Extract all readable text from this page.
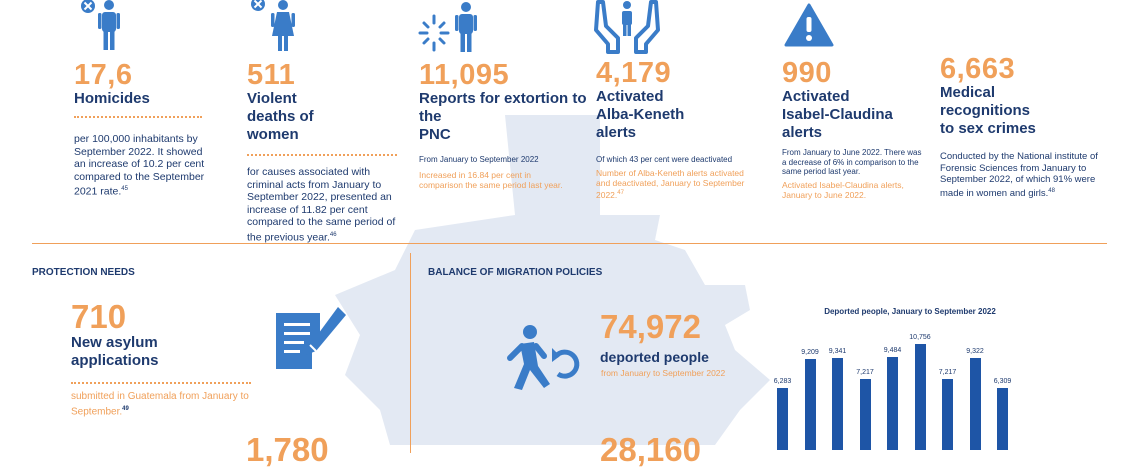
17,6
Homicides
per 100,000 inhabitants by September 2022. It showed an increase of 10.2 per cent compared to the September 2021 rate.$^{45}$
511
Violent
deaths of
women
for causes associated with criminal acts from January to September 2022, presented an increase of 11.82 per cent compared to the same period of the previous year.$^{46}$
11,095
Reports for extortion to
the
PNC
From January to September 2022
Increased in 16.84 per cent in comparison the same period last year.
4,179
Activated
Alba-Keneth
alerts
Of which 43 per cent were deactivated
Number of Alba-Keneth alerts activated and deactivated, January to September 2022.47
990
Activated
Isabel-Claudina
alerts
From January to June 2022. There was a decrease of 6% in comparison to the same period last year.
Activated Isabel-Claudina alerts, January to June 2022.
6,663
Medical
recognitions
to sex crimes
Conducted by the National institute of Forensic Sciences from January to September 2022, of which 91% were made in women and girls.$^{48}$
PROTECTION NEEDS
710
New asylum
applications
submitted in Guatemala from January to September.$^{49}$
1,780
BALANCE OF MIGRATION POLICIES
74,972
deported people
from January to September 2022
28,160
Deported people, January to September 2022
6,283
9,209	9,341
7,217
9,484
10,756
7,217
9,322
6,309
